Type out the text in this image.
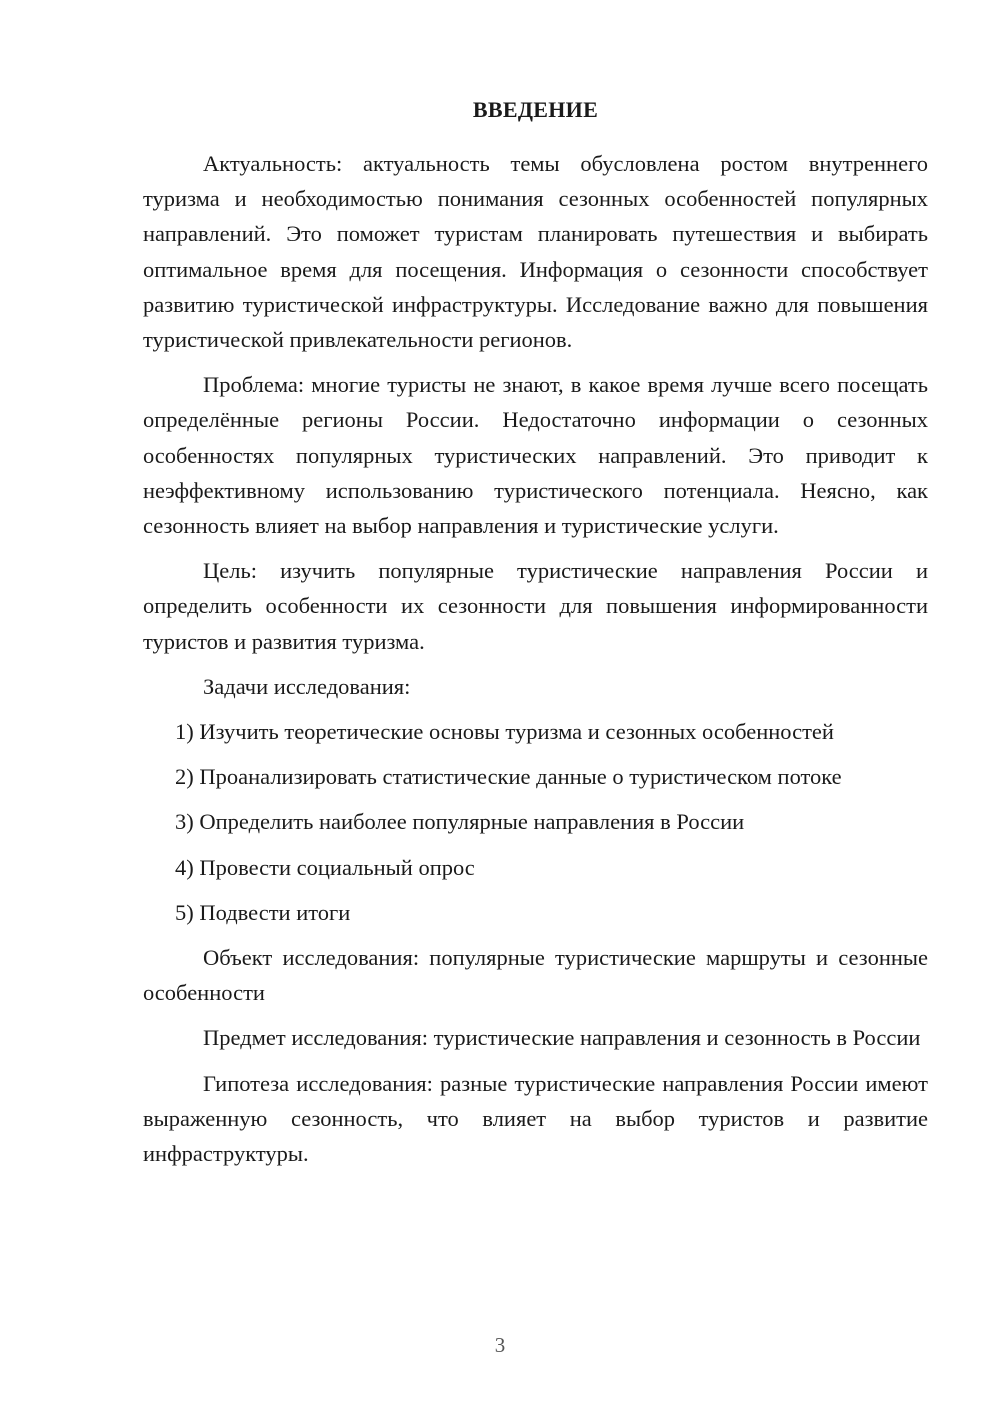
ВВЕДЕНИЕ

Актуальность: актуальность темы обусловлена ростом внутреннего туризма и необходимостью понимания сезонных особенностей популярных направлений. Это поможет туристам планировать путешествия и выбирать оптимальное время для посещения. Информация о сезонности способствует развитию туристической инфраструктуры. Исследование важно для повышения туристической привлекательности регионов.

Проблема: многие туристы не знают, в какое время лучше всего посещать определённые регионы России. Недостаточно информации о сезонных особенностях популярных туристических направлений. Это приводит к неэффективному использованию туристического потенциала. Неясно, как сезонность влияет на выбор направления и туристические услуги.

Цель: изучить популярные туристические направления России и определить особенности их сезонности для повышения информированности туристов и развития туризма.

Задачи исследования:

1) Изучить теоретические основы туризма и сезонных особенностей
2) Проанализировать статистические данные о туристическом потоке
3) Определить наиболее популярные направления в России
4) Провести социальный опрос
5) Подвести итоги

Объект исследования: популярные туристические маршруты и сезонные особенности

Предмет исследования: туристические направления и сезонность в России

Гипотеза исследования: разные туристические направления России имеют выраженную сезонность, что влияет на выбор туристов и развитие инфраструктуры.

3
